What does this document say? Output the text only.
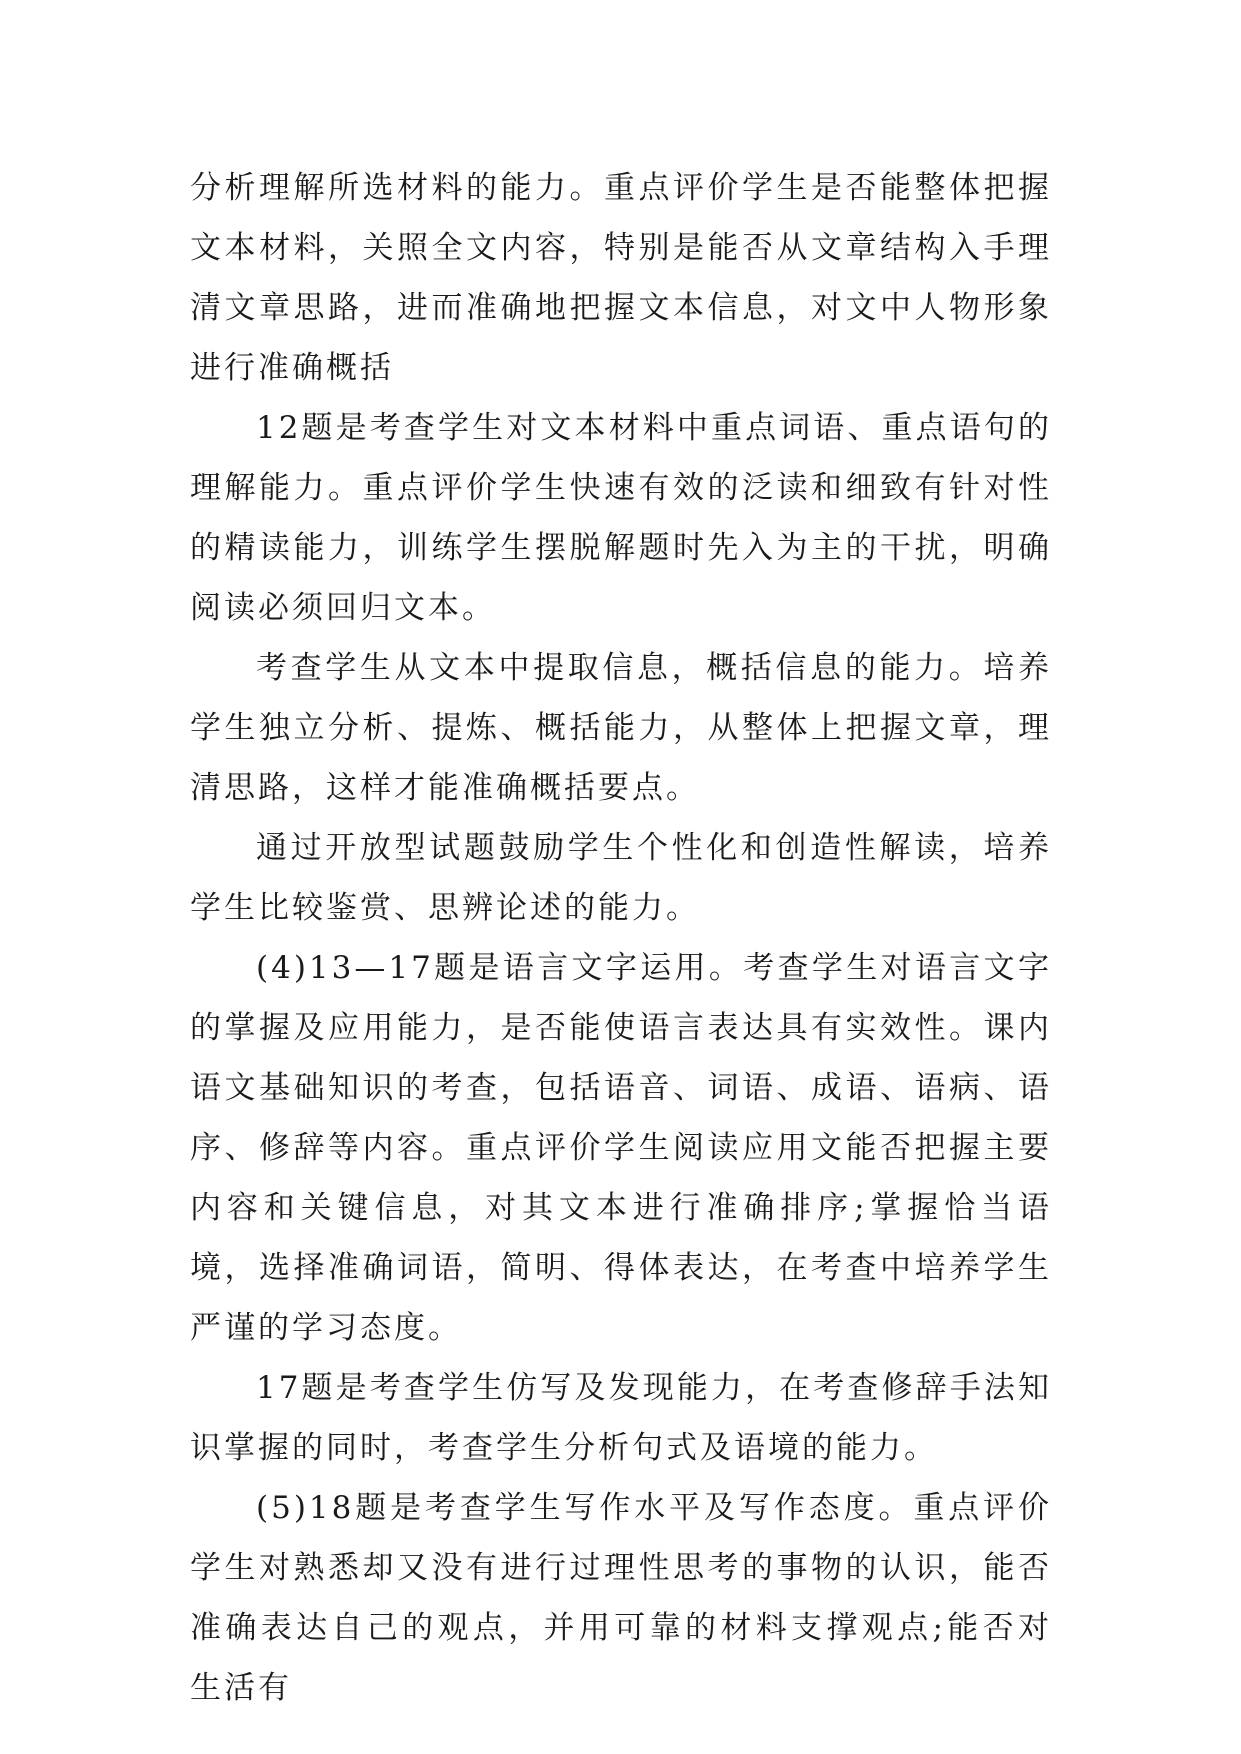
分析理解所选材料的能力。重点评价学生是否能整体把握文本材料，关照全文内容，特别是能否从文章结构入手理清文章思路，进而准确地把握文本信息，对文中人物形象进行准确概括

12题是考查学生对文本材料中重点词语、重点语句的理解能力。重点评价学生快速有效的泛读和细致有针对性的精读能力，训练学生摆脱解题时先入为主的干扰，明确阅读必须回归文本。

考查学生从文本中提取信息，概括信息的能力。培养学生独立分析、提炼、概括能力，从整体上把握文章，理清思路，这样才能准确概括要点。

通过开放型试题鼓励学生个性化和创造性解读，培养学生比较鉴赏、思辨论述的能力。

(4)13—17题是语言文字运用。考查学生对语言文字的掌握及应用能力，是否能使语言表达具有实效性。课内语文基础知识的考查，包括语音、词语、成语、语病、语序、修辞等内容。重点评价学生阅读应用文能否把握主要内容和关键信息，对其文本进行准确排序;掌握恰当语境，选择准确词语，简明、得体表达，在考查中培养学生严谨的学习态度。

17题是考查学生仿写及发现能力，在考查修辞手法知识掌握的同时，考查学生分析句式及语境的能力。

(5)18题是考查学生写作水平及写作态度。重点评价学生对熟悉却又没有进行过理性思考的事物的认识，能否准确表达自己的观点，并用可靠的材料支撑观点;能否对生活有
